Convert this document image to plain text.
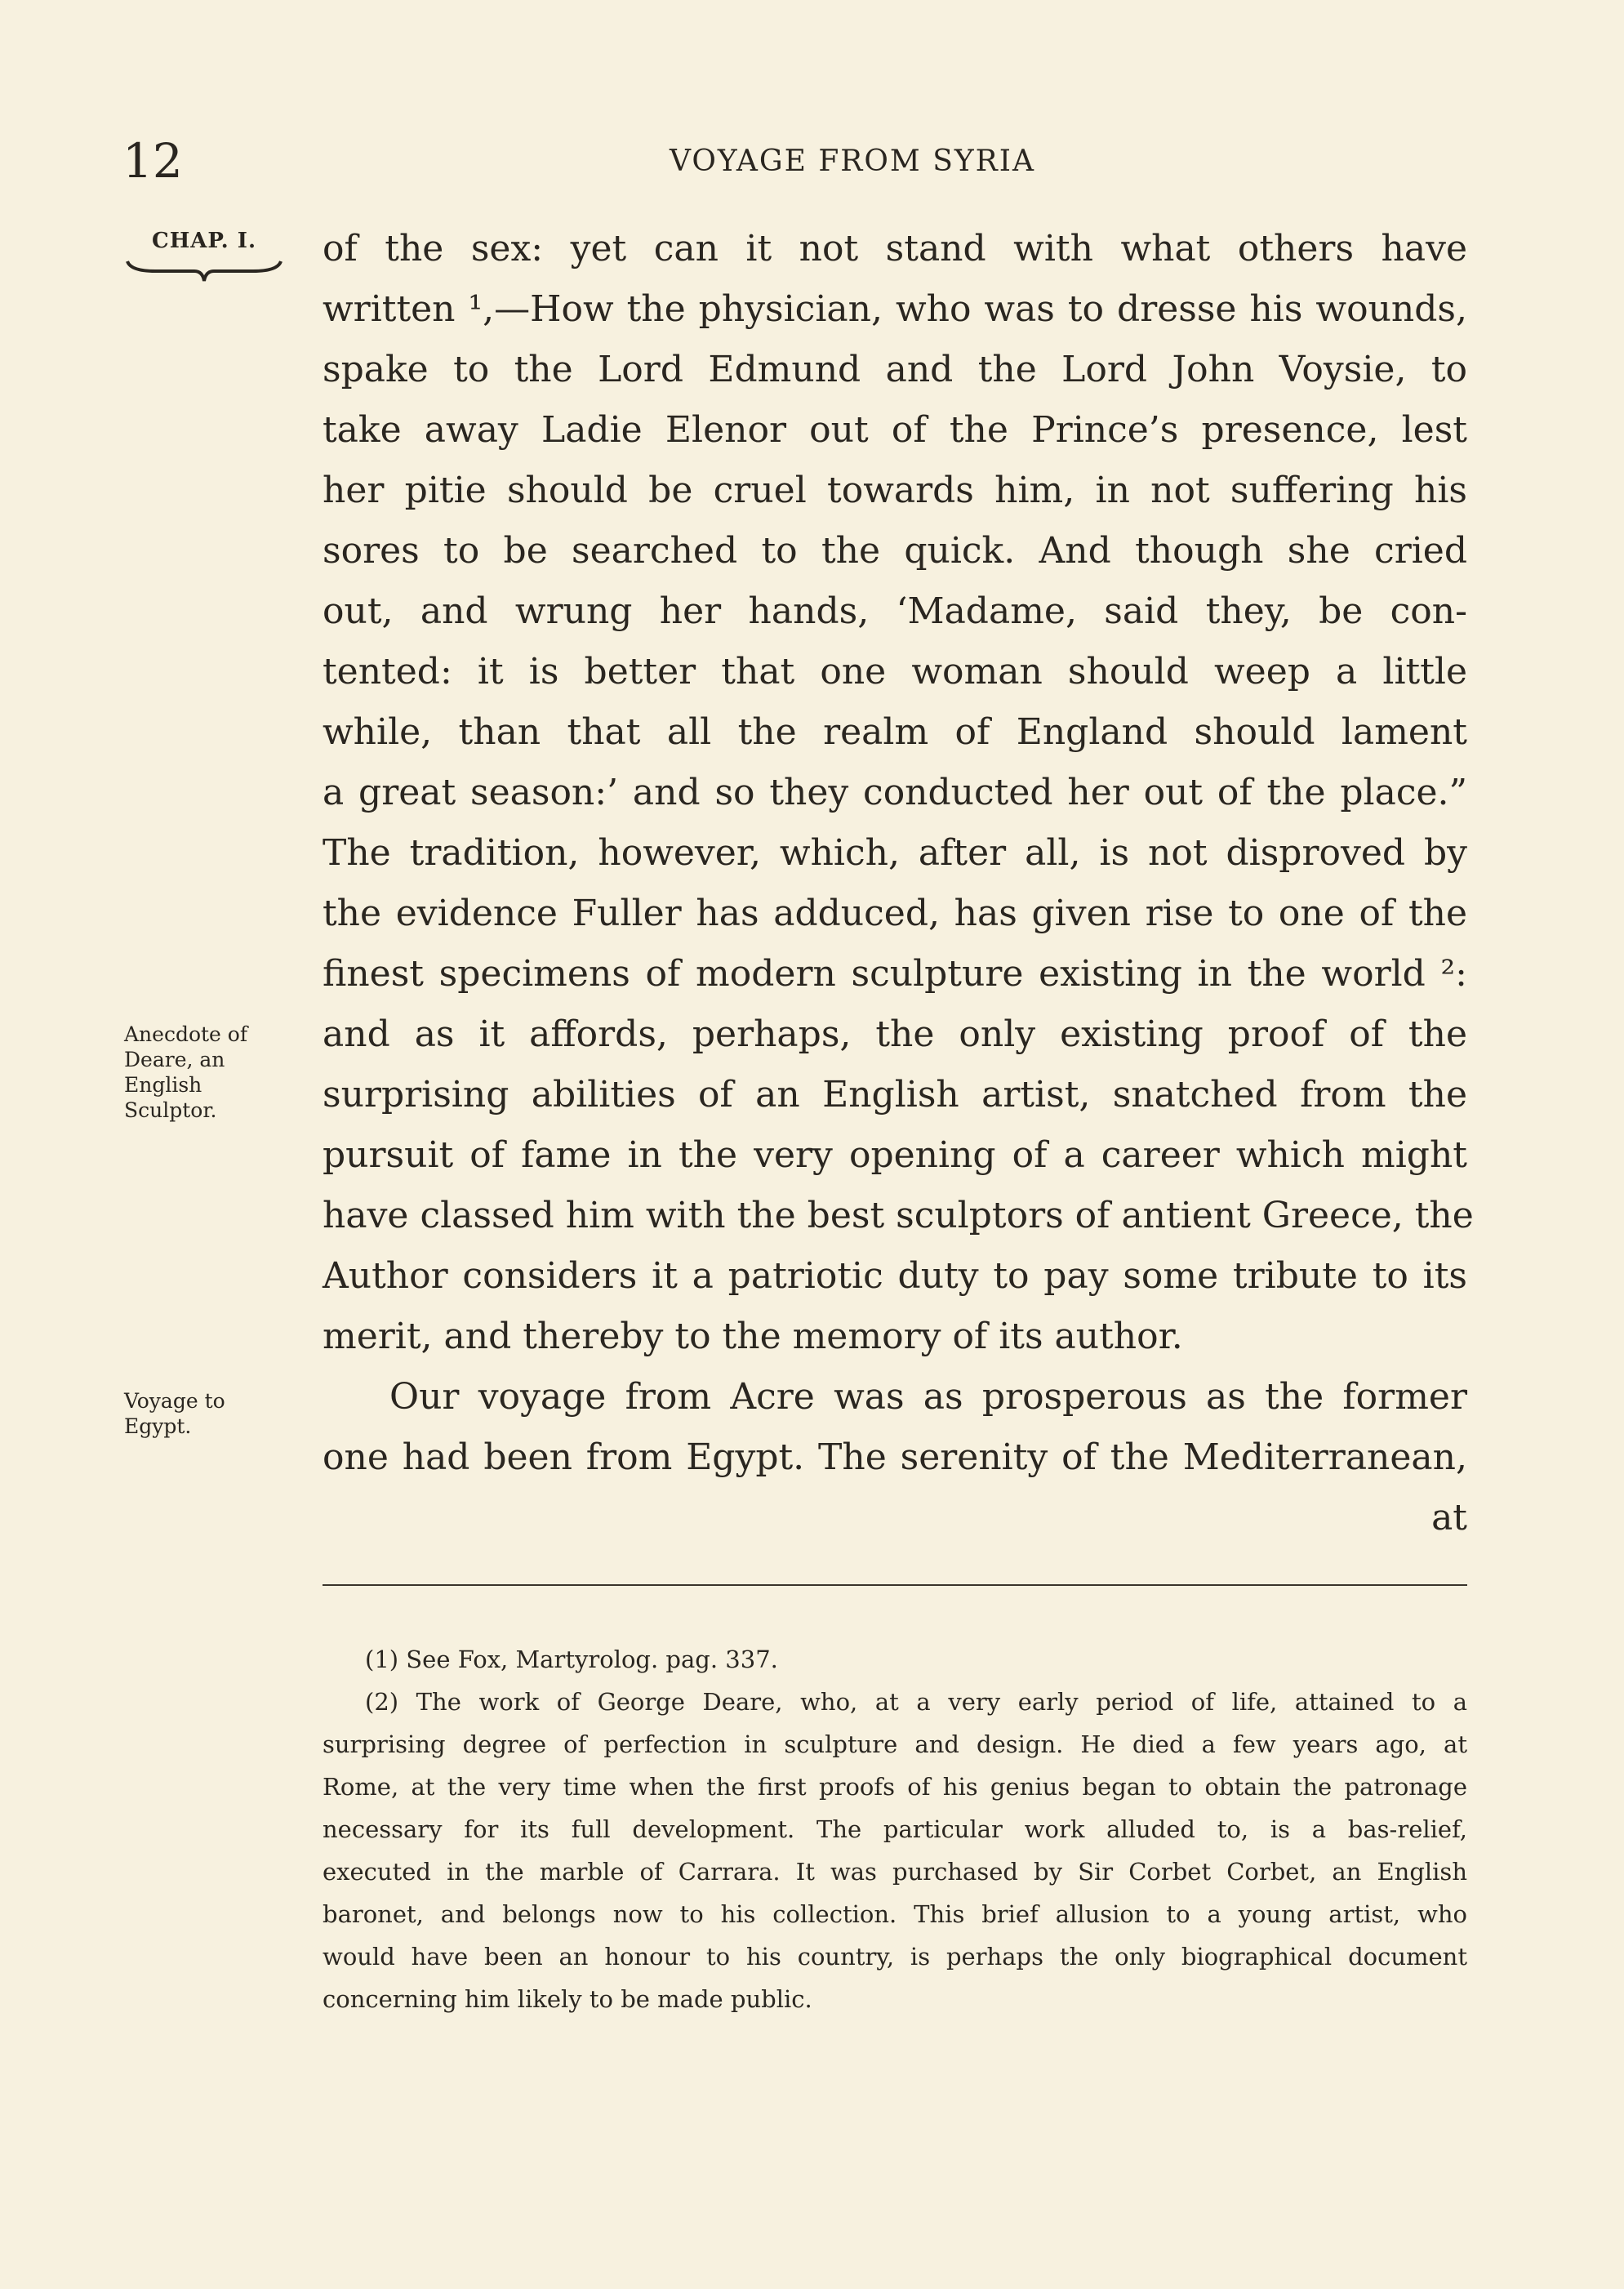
12	VOYAGE FROM SYRIA
CHAP. I.
Anecdote of
Deare, an
English
Sculptor.
Voyage to
Egypt.
of the sex: yet can it not stand with what others have
written ¹,—How the physician, who was to dresse his wounds,
spake to the Lord Edmund and the Lord John Voysie, to
take away Ladie Elenor out of the Prince’s presence, lest
her pitie should be cruel towards him, in not suffering his
sores to be searched to the quick. And though she cried
out, and wrung her hands, ‘Madame, said they, be con-
tented: it is better that one woman should weep a little
while, than that all the realm of England should lament
a great season:’ and so they conducted her out of the place.”
The tradition, however, which, after all, is not disproved by
the evidence Fuller has adduced, has given rise to one of the
finest specimens of modern sculpture existing in the world ²:
and as it affords, perhaps, the only existing proof of the
surprising abilities of an English artist, snatched from the
pursuit of fame in the very opening of a career which might
have classed him with the best sculptors of antient Greece, the
Author considers it a patriotic duty to pay some tribute to its
merit, and thereby to the memory of its author.
Our voyage from Acre was as prosperous as the former
one had been from Egypt. The serenity of the Mediterranean,
at
(1) See Fox, Martyrolog. pag. 337.
(2) The work of George Deare, who, at a very early period of life, attained to a
surprising degree of perfection in sculpture and design. He died a few years ago, at
Rome, at the very time when the first proofs of his genius began to obtain the patronage
necessary for its full development. The particular work alluded to, is a bas-relief,
executed in the marble of Carrara. It was purchased by Sir Corbet Corbet, an English
baronet, and belongs now to his collection. This brief allusion to a young artist, who
would have been an honour to his country, is perhaps the only biographical document
concerning him likely to be made public.
